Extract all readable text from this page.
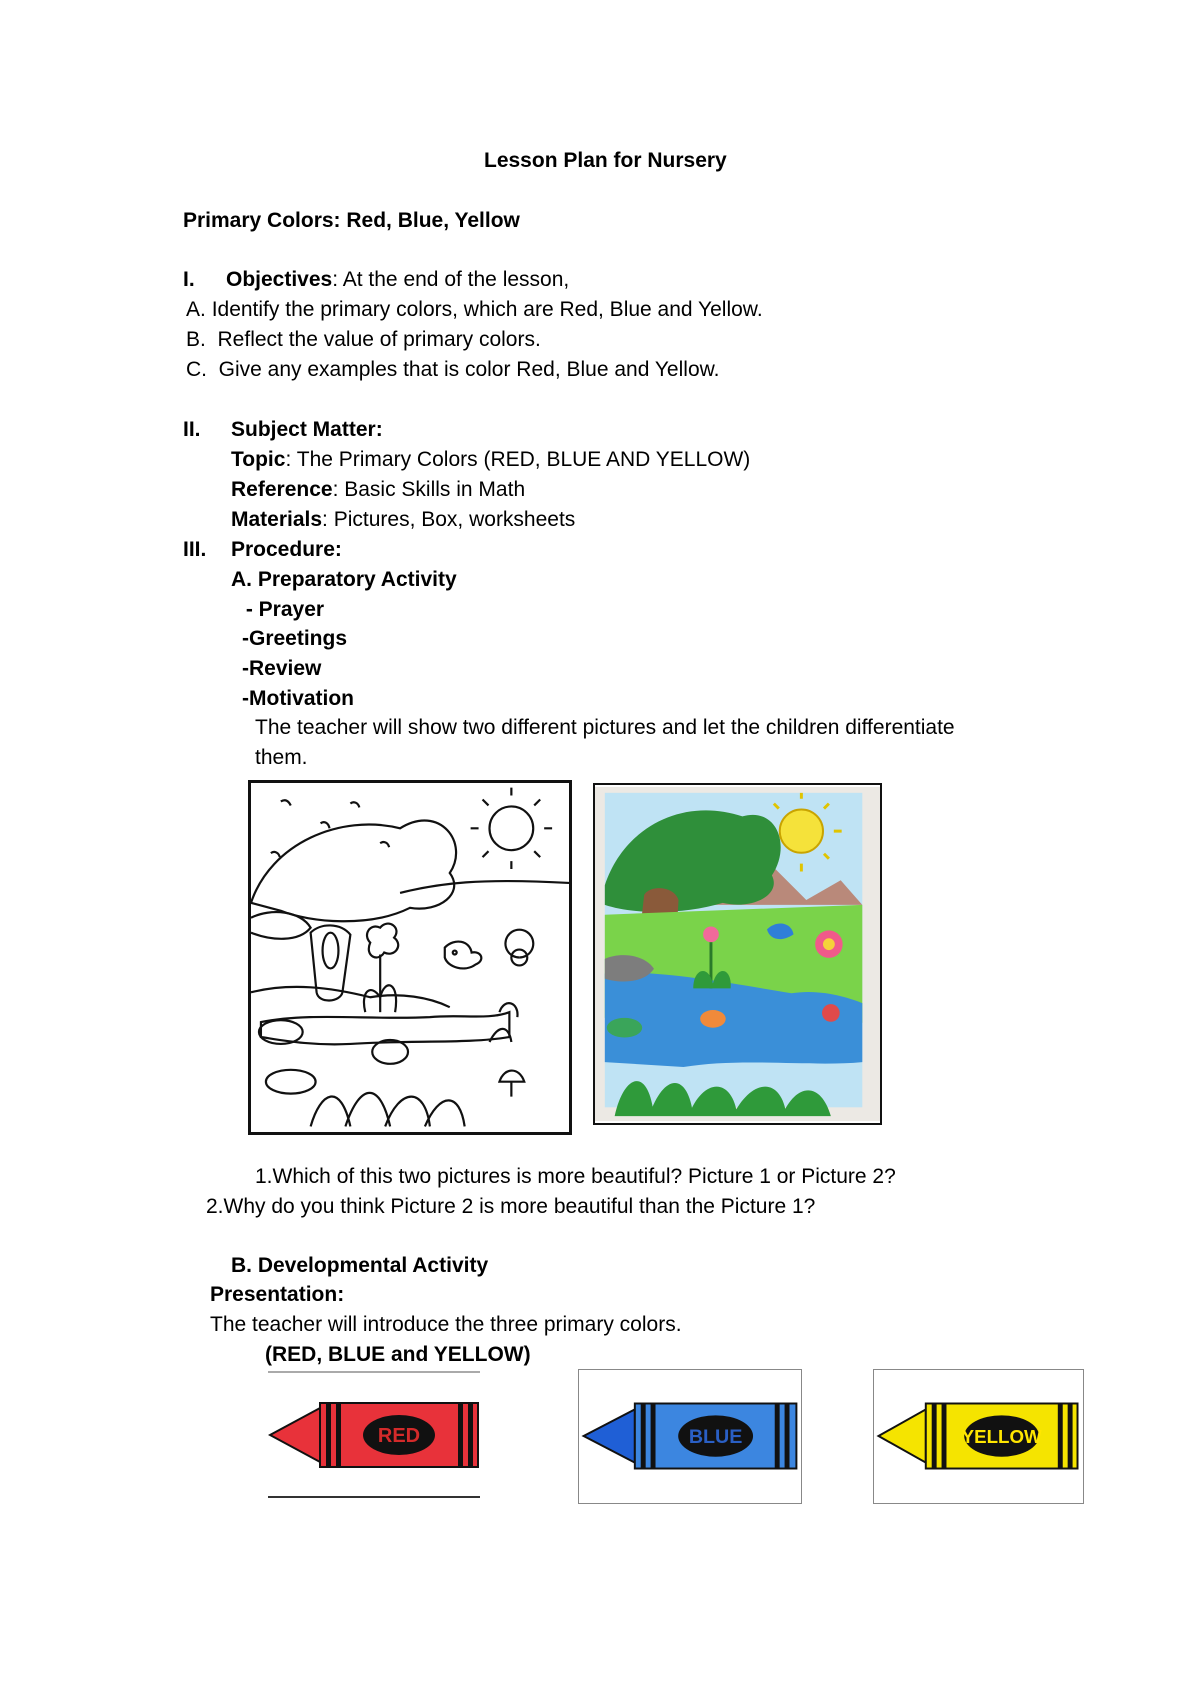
Lesson Plan for Nursery
Primary Colors: Red, Blue, Yellow
I. Objectives: At the end of the lesson,
A. Identify the primary colors, which are Red, Blue and Yellow.
B. Reflect the value of primary colors.
C. Give any examples that is color Red, Blue and Yellow.
II. Subject Matter:
Topic: The Primary Colors (RED, BLUE AND YELLOW)
Reference: Basic Skills in Math
Materials: Pictures, Box, worksheets
III. Procedure:
A. Preparatory Activity
- Prayer
-Greetings
-Review
-Motivation
The teacher will show two different pictures and let the children differentiate
them.
1.Which of this two pictures is more beautiful? Picture 1 or Picture 2?
2.Why do you think Picture 2 is more beautiful than the Picture 1?
B. Developmental Activity
Presentation:
The teacher will introduce the three primary colors.
(RED, BLUE and YELLOW)
RED	BLUE	YELLOW
